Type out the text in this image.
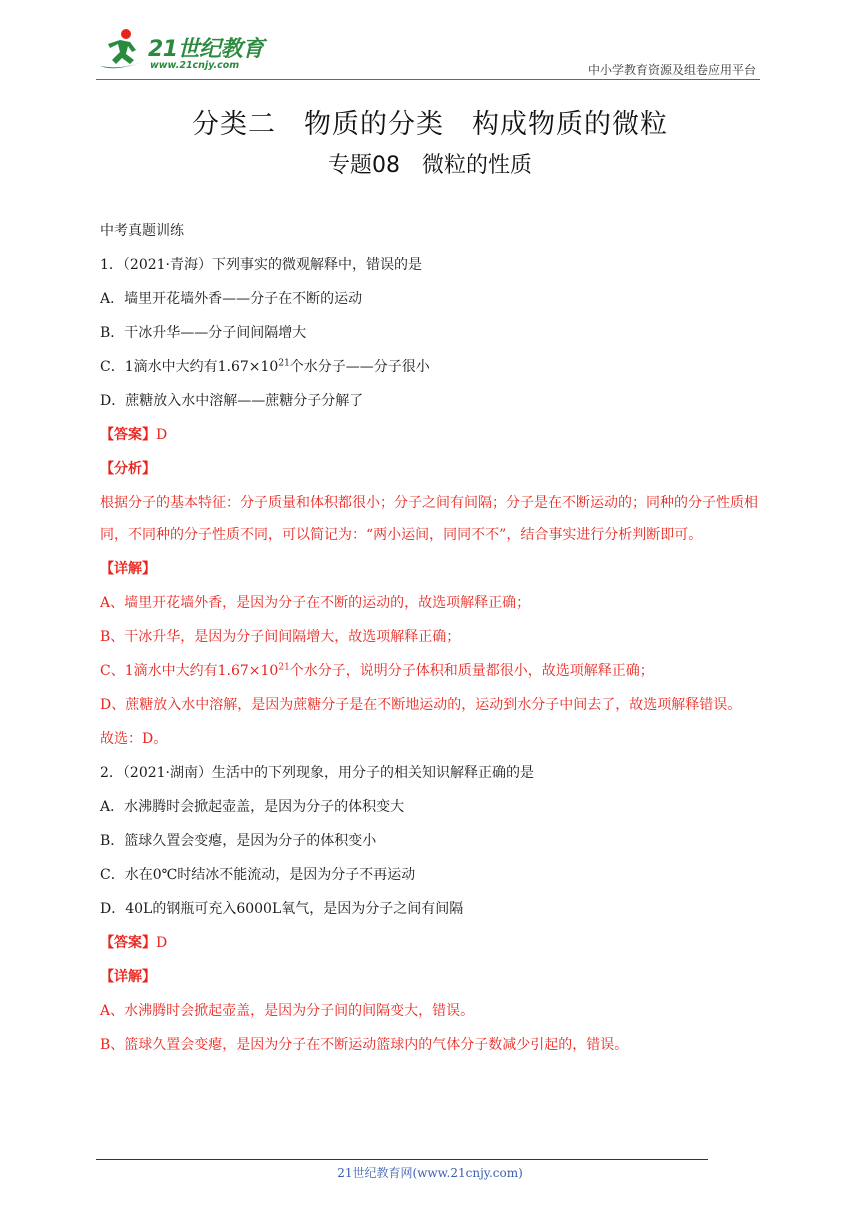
21世纪教育
www.21cnjy.com	中小学教育资源及组卷应用平台
分类二　物质的分类　构成物质的微粒
专题08　微粒的性质
中考真题训练
1．（2021·青海）下列事实的微观解释中，错误的是
A．墙里开花墙外香——分子在不断的运动
B．干冰升华——分子间间隔增大
C．1滴水中大约有$1.67\times 10^{21}$个水分子——分子很小
D．蔗糖放入水中溶解——蔗糖分子分解了
【答案】D
【分析】
根据分子的基本特征：分子质量和体积都很小；分子之间有间隔；分子是在不断运动的；同种的分子性质相同，不同种的分子性质不同，可以简记为：“两小运间，同同不不”，结合事实进行分析判断即可。
【详解】
A、墙里开花墙外香，是因为分子在不断的运动的，故选项解释正确；
B、干冰升华，是因为分子间间隔增大，故选项解释正确；
C、1滴水中大约有$1.67\times 10^{21}$个水分子，说明分子体积和质量都很小，故选项解释正确；
D、蔗糖放入水中溶解，是因为蔗糖分子是在不断地运动的，运动到水分子中间去了，故选项解释错误。
故选：D。
2．（2021·湖南）生活中的下列现象，用分子的相关知识解释正确的是
A．水沸腾时会掀起壶盖，是因为分子的体积变大
B．篮球久置会变瘪，是因为分子的体积变小
C．水在0℃时结冰不能流动，是因为分子不再运动
D．40L的钢瓶可充入6000L氧气，是因为分子之间有间隔
【答案】D
【详解】
A、水沸腾时会掀起壶盖，是因为分子间的间隔变大，错误。
B、篮球久置会变瘪，是因为分子在不断运动篮球内的气体分子数减少引起的，错误。
21世纪教育网(www.21cnjy.com)
